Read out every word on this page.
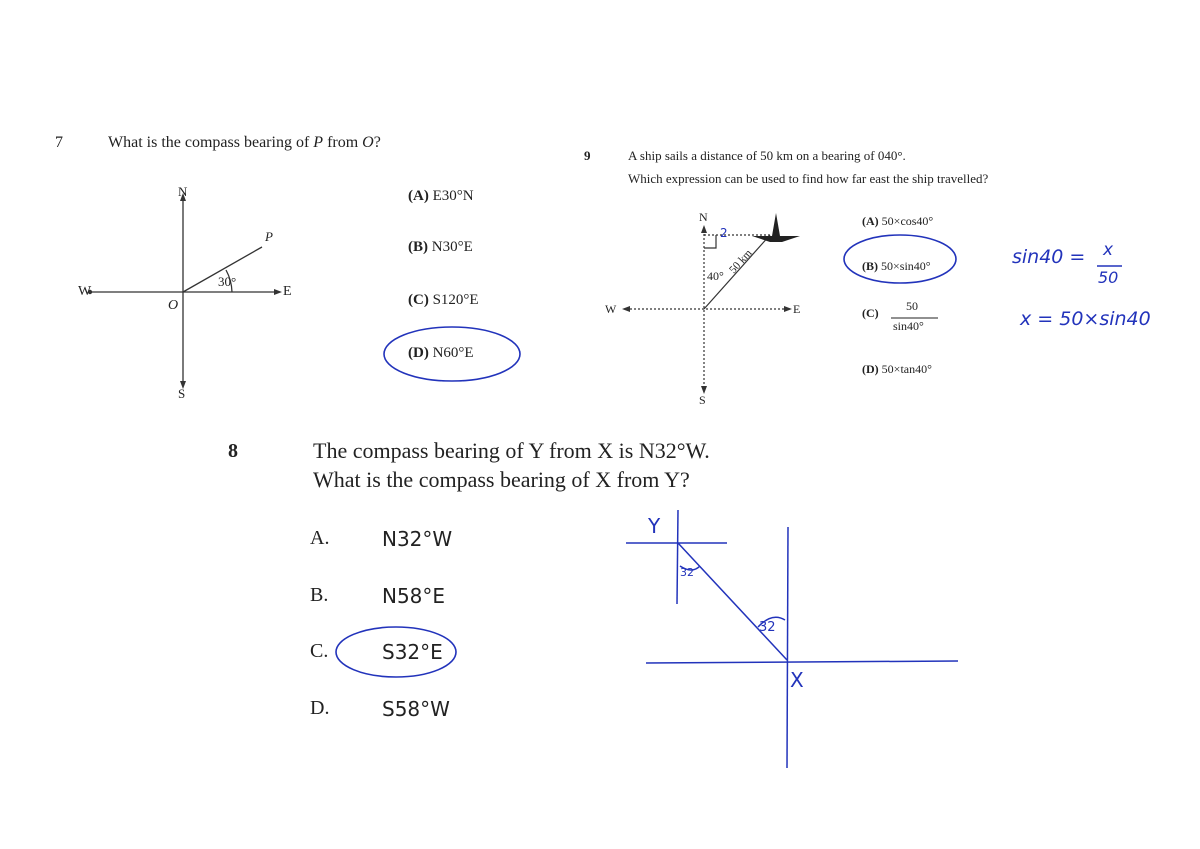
7	What is the compass bearing of P from O?
N
S
E
W
O
P
30°
(A) E30°N
(B) N30°E
(C) S120°E
(D) N60°E
9	A ship sails a distance of 50 km on a bearing of 040°.
Which expression can be used to find how far east the ship travelled?
N
S
E
W
40° 50 km
2
(A) 50×cos40°
(B) 50×sin40°
(C) 50
sin40°
(D) 50×tan40°
sin40 = x
50
x = 50×sin40
8	The compass bearing of Y from X is N32°W.
What is the compass bearing of X from Y?
A.	N32°W
B.	N58°E
C.	S32°E
D.	S58°W
Y
X
32
32
